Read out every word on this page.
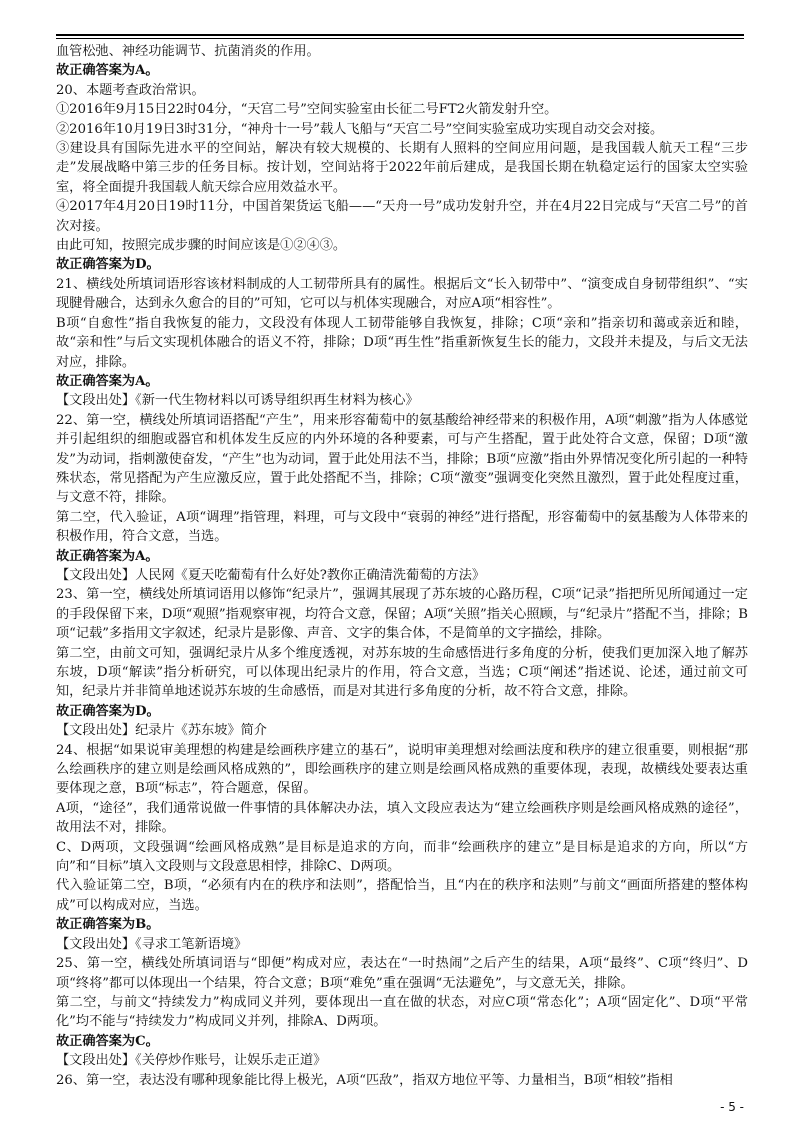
血管松弛、神经功能调节、抗菌消炎的作用。

故正确答案为A。

20、本题考查政治常识。

①2016年9月15日22时04分，“天宫二号”空间实验室由长征二号FT2火箭发射升空。

②2016年10月19日3时31分，“神舟十一号”载人飞船与“天宫二号”空间实验室成功实现自动交会对接。

③建设具有国际先进水平的空间站，解决有较大规模的、长期有人照料的空间应用问题，是我国载人航天工程“三步走”发展战略中第三步的任务目标。按计划，空间站将于2022年前后建成，是我国长期在轨稳定运行的国家太空实验室，将全面提升我国载人航天综合应用效益水平。

④2017年4月20日19时11分，中国首架货运飞船——“天舟一号”成功发射升空，并在4月22日完成与“天宫二号”的首次对接。

由此可知，按照完成步骤的时间应该是①②④③。

故正确答案为D。

21、横线处所填词语形容该材料制成的人工韧带所具有的属性。根据后文“长入韧带中”、“演变成自身韧带组织”、“实现腱骨融合，达到永久愈合的目的”可知，它可以与机体实现融合，对应A项“相容性”。

B项“自愈性”指自我恢复的能力，文段没有体现人工韧带能够自我恢复，排除；C项“亲和”指亲切和蔼或亲近和睦，故“亲和性”与后文实现机体融合的语义不符，排除；D项“再生性”指重新恢复生长的能力，文段并未提及，与后文无法对应，排除。

故正确答案为A。

【文段出处】《新一代生物材料以可诱导组织再生材料为核心》

22、第一空，横线处所填词语搭配“产生”，用来形容葡萄中的氨基酸给神经带来的积极作用，A项“刺激”指为人体感觉并引起组织的细胞或器官和机体发生反应的内外环境的各种要素，可与产生搭配，置于此处符合文意，保留；D项“激发”为动词，指刺激使奋发，“产生”也为动词，置于此处用法不当，排除；B项“应激”指由外界情况变化所引起的一种特殊状态，常见搭配为产生应激反应，置于此处搭配不当，排除；C项“激变”强调变化突然且激烈，置于此处程度过重，与文意不符，排除。

第二空，代入验证，A项“调理”指管理，料理，可与文段中“衰弱的神经”进行搭配，形容葡萄中的氨基酸为人体带来的积极作用，符合文意，当选。

故正确答案为A。

【文段出处】人民网《夏天吃葡萄有什么好处?教你正确清洗葡萄的方法》

23、第一空，横线处所填词语用以修饰“纪录片”，强调其展现了苏东坡的心路历程，C项“记录”指把所见所闻通过一定的手段保留下来，D项“观照”指观察审视，均符合文意，保留；A项“关照”指关心照顾，与“纪录片”搭配不当，排除；B项“记载”多指用文字叙述，纪录片是影像、声音、文字的集合体，不是简单的文字描绘，排除。

第二空，由前文可知，强调纪录片从多个维度透视，对苏东坡的生命感悟进行多角度的分析，使我们更加深入地了解苏东坡，D项“解读”指分析研究，可以体现出纪录片的作用，符合文意，当选；C项“阐述”指述说、论述，通过前文可知，纪录片并非简单地述说苏东坡的生命感悟，而是对其进行多角度的分析，故不符合文意，排除。

故正确答案为D。

【文段出处】纪录片《苏东坡》简介

24、根据“如果说审美理想的构建是绘画秩序建立的基石”，说明审美理想对绘画法度和秩序的建立很重要，则根据“那么绘画秩序的建立则是绘画风格成熟的”，即绘画秩序的建立则是绘画风格成熟的重要体现，表现，故横线处要表达重要体现之意，B项“标志”，符合题意，保留。

A项，“途径”，我们通常说做一件事情的具体解决办法，填入文段应表达为“建立绘画秩序则是绘画风格成熟的途径”，故用法不对，排除。

C、D两项，文段强调“绘画风格成熟”是目标是追求的方向，而非“绘画秩序的建立”是目标是追求的方向，所以“方向”和“目标”填入文段则与文段意思相悖，排除C、D两项。

代入验证第二空，B项，“必须有内在的秩序和法则”，搭配恰当，且“内在的秩序和法则”与前文“画面所搭建的整体构成”可以构成对应，当选。

故正确答案为B。

【文段出处】《寻求工笔新语境》

25、第一空，横线处所填词语与“即便”构成对应，表达在“一时热闹”之后产生的结果，A项“最终”、C项“终归”、D项“终将”都可以体现出一个结果，符合文意；B项“难免”重在强调“无法避免”，与文意无关，排除。

第二空，与前文“持续发力”构成同义并列，要体现出一直在做的状态，对应C项“常态化”；A项“固定化”、D项“平常化”均不能与“持续发力”构成同义并列，排除A、D两项。

故正确答案为C。

【文段出处】《关停炒作账号，让娱乐走正道》

26、第一空，表达没有哪种现象能比得上极光，A项“匹敌”，指双方地位平等、力量相当，B项“相较”指相

- 5 -
